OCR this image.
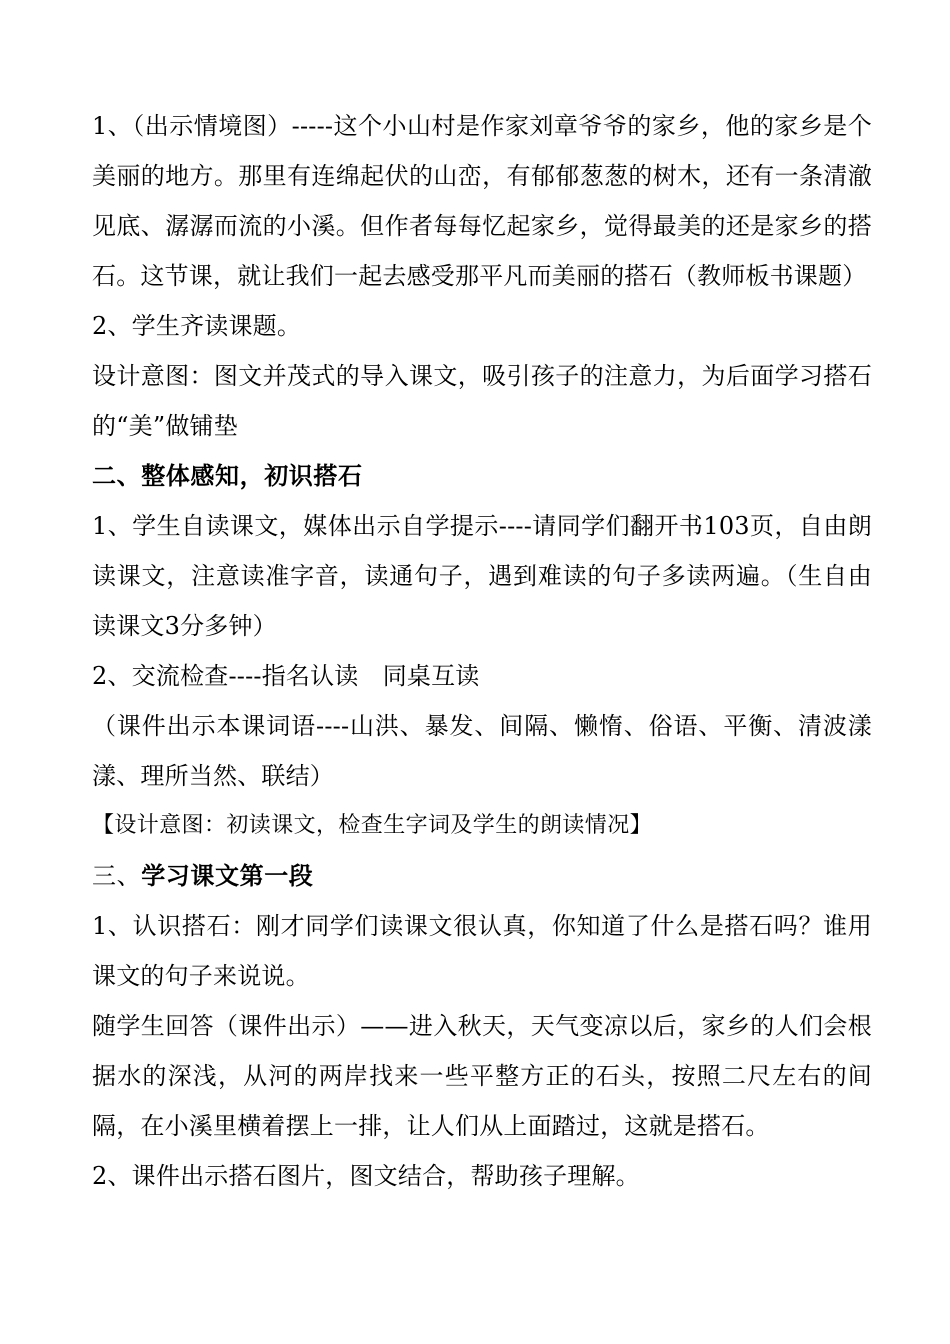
1、（出示情境图）-----这个小山村是作家刘章爷爷的家乡，他的家乡是个美丽的地方。那里有连绵起伏的山峦，有郁郁葱葱的树木，还有一条清澈见底、潺潺而流的小溪。但作者每每忆起家乡，觉得最美的还是家乡的搭石。这节课，就让我们一起去感受那平凡而美丽的搭石（教师板书课题）

2、学生齐读课题。

设计意图：图文并茂式的导入课文，吸引孩子的注意力，为后面学习搭石的“美”做铺垫

二、整体感知，初识搭石

1、学生自读课文，媒体出示自学提示----请同学们翻开书103页，自由朗读课文，注意读准字音，读通句子，遇到难读的句子多读两遍。（生自由读课文3分多钟）

2、交流检查----指名认读　同桌互读

（课件出示本课词语----山洪、暴发、间隔、懒惰、俗语、平衡、清波漾漾、理所当然、联结）

【设计意图：初读课文，检查生字词及学生的朗读情况】

三、学习课文第一段

1、认识搭石：刚才同学们读课文很认真，你知道了什么是搭石吗？谁用课文的句子来说说。

随学生回答（课件出示）——进入秋天，天气变凉以后，家乡的人们会根据水的深浅，从河的两岸找来一些平整方正的石头，按照二尺左右的间隔，在小溪里横着摆上一排，让人们从上面踏过，这就是搭石。

2、课件出示搭石图片，图文结合，帮助孩子理解。
